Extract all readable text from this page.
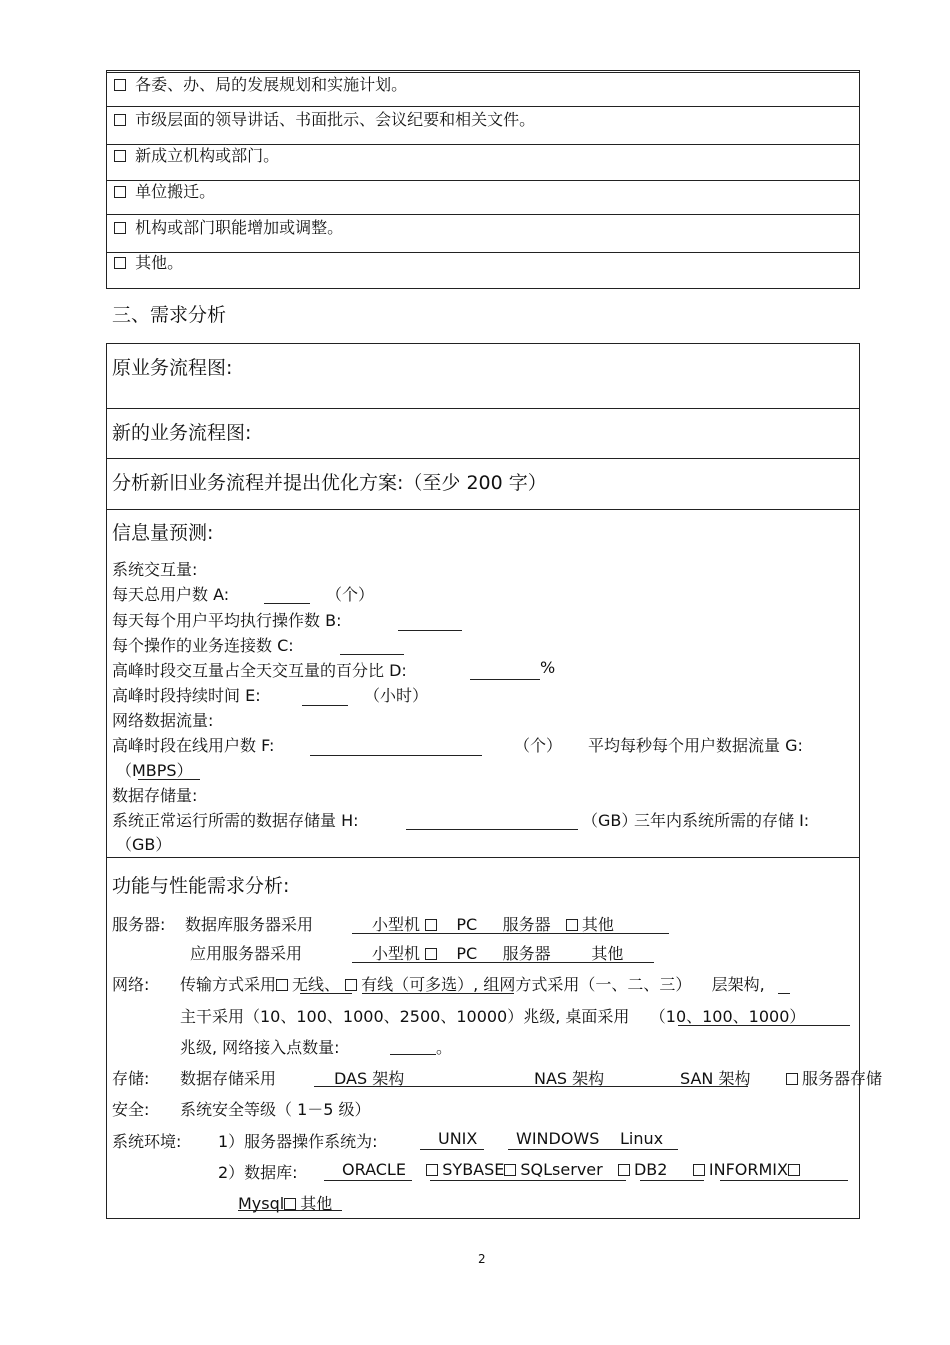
各委、办、局的发展规划和实施计划。
市级层面的领导讲话、书面批示、会议纪要和相关文件。
新成立机构或部门。
单位搬迁。
机构或部门职能增加或调整。
其他。
三、需求分析
原业务流程图:
新的业务流程图:
分析新旧业务流程并提出优化方案:（至少 200 字）
信息量预测:
系统交互量:
每天总用户数 A:	（个）
每天每个用户平均执行操作数 B:
每个操作的业务连接数 C:
高峰时段交互量占全天交互量的百分比 D:	%
高峰时段持续时间 E:	（小时）
网络数据流量:
高峰时段在线用户数 F:	（个） 平均每秒每个用户数据流量 G:
（MBPS）
数据存储量:
系统正常运行所需的数据存储量 H:	（GB）
三年内系统所需的存储 I:
（GB）
功能与性能需求分析:
服务器: 数据库服务器采用	小型机 PC 服务器 其他
应用服务器采用	小型机 PC 服务器	其他
网络: 传输方式采用 无线、 有线（可多选）, 组网方式采用（一、二、三） 层架构,
主干采用（10、100、1000、2500、10000）兆级, 桌面采用 （10、100、1000）
兆级, 网络接入点数量:	。
存储: 数据存储采用	DAS 架构	NAS 架构	SAN 架构	服务器存储
安全: 系统安全等级（ 1－5 级）
系统环境: 1）服务器操作系统为:	UNIX WINDOWS Linux
2）数据库:	ORACLE SYBASE SQLserver DB2	INFORMIX
Mysql 其他
2
